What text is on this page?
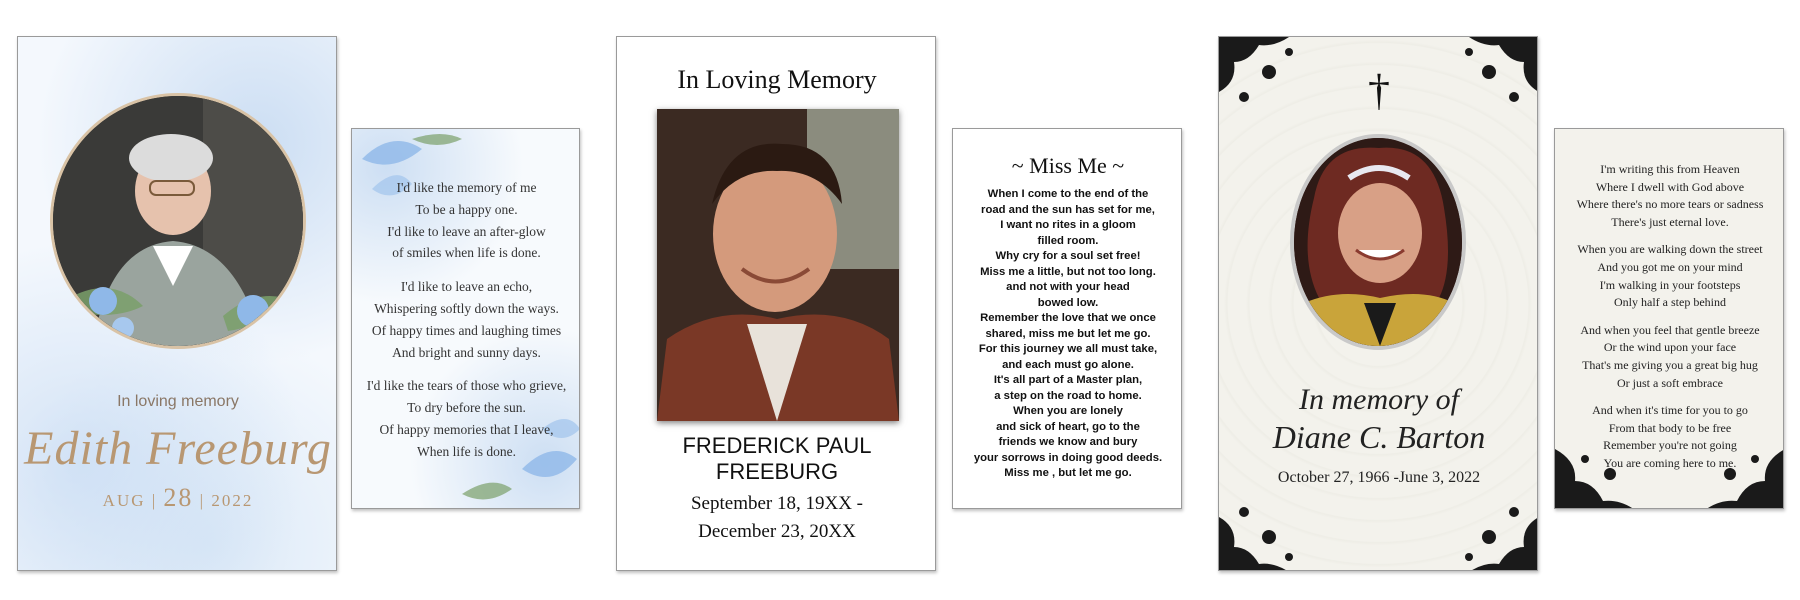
In loving memory
Edith Freeburg
AUG | 28 | 2022

I'd like the memory of me
To be a happy one.
I'd like to leave an after-glow
of smiles when life is done.

I'd like to leave an echo,
Whispering softly down the ways.
Of happy times and laughing times
And bright and sunny days.

I'd like the tears of those who grieve,
To dry before the sun.
Of happy memories that I leave,
When life is done.

In Loving Memory
FREDERICK PAUL
FREEBURG
September 18, 19XX -
December 23, 20XX
~ Miss Me ~
When I come to the end of the
road and the sun has set for me,
I want no rites in a gloom
filled room.
Why cry for a soul set free!
Miss me a little, but not too long.
and not with your head
bowed low.
Remember the love that we once
shared, miss me but let me go.
For this journey we all must take,
and each must go alone.
It's all part of a Master plan,
a step on the road to home.
When you are lonely
and sick of heart, go to the
friends we know and bury
your sorrows in doing good deeds.
Miss me , but let me go.
†
In memory of
Diane C. Barton
October 27, 1966 -June 3, 2022

I'm writing this from Heaven
Where I dwell with God above
Where there's no more tears or sadness
There's just eternal love.

When you are walking down the street
And you got me on your mind
I'm walking in your footsteps
Only half a step behind

And when you feel that gentle breeze
Or the wind upon your face
That's me giving you a great big hug
Or just a soft embrace

And when it's time for you to go
From that body to be free
Remember you're not going
You are coming here to me.
